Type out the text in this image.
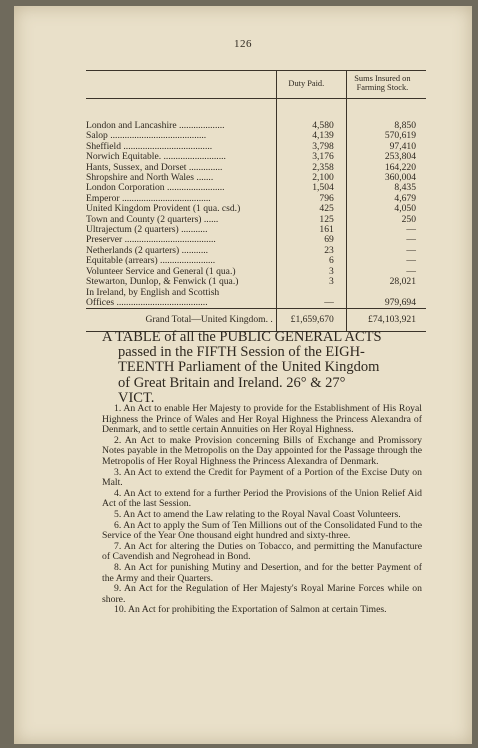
126
	Duty Paid.	Sums Insured on Farming Stock.
London and Lancashire ...................	4,580	8,850
Salop ........................................	4,139	570,619
Sheffield .....................................	3,798	97,410
Norwich Equitable. ..........................	3,176	253,804
Hants, Sussex, and Dorset ..............	2,358	164,220
Shropshire and North Wales .......	2,100	360,004
London Corporation ........................	1,504	8,435
Emperor .....................................	796	4,679
United Kingdom Provident (1 qua. csd.)	425	4,050
Town and County (2 quarters) ......	125	250
Ultrajectum (2 quarters) ...........	161	—
Preserver ......................................	69	—
Netherlands (2 quarters) ...........	23	—
Equitable (arrears) .......................	6	—
Volunteer Service and General (1 qua.)	3	—
Stewarton, Dunlop, & Fenwick (1 qua.)	3	28,021
In Ireland, by English and Scottish		
Offices ......................................	—	979,694
Grand Total—United Kingdom. .	£1,659,670	£74,103,921
A TABLE of all the PUBLIC GENERAL ACTS
passed in the FIFTH Session of the EIGH-
TEENTH Parliament of the United Kingdom
of Great Britain and Ireland. 26° & 27°
VICT.

1. An Act to enable Her Majesty to provide for the Establishment of His Royal Highness the Prince of Wales and Her Royal Highness the Princess Alexandra of Denmark, and to settle certain Annuities on Her Royal Highness.

2. An Act to make Provision concerning Bills of Exchange and Promissory Notes payable in the Metropolis on the Day appointed for the Passage through the Metropolis of Her Royal Highness the Princess Alexandra of Denmark.

3. An Act to extend the Credit for Payment of a Portion of the Excise Duty on Malt.

4. An Act to extend for a further Period the Provisions of the Union Relief Aid Act of the last Session.

5. An Act to amend the Law relating to the Royal Naval Coast Volunteers.

6. An Act to apply the Sum of Ten Millions out of the Consolidated Fund to the Service of the Year One thousand eight hundred and sixty-three.

7. An Act for altering the Duties on Tobacco, and permitting the Manufacture of Cavendish and Negrohead in Bond.

8. An Act for punishing Mutiny and Desertion, and for the better Payment of the Army and their Quarters.

9. An Act for the Regulation of Her Majesty's Royal Marine Forces while on shore.

10. An Act for prohibiting the Exportation of Salmon at certain Times.
